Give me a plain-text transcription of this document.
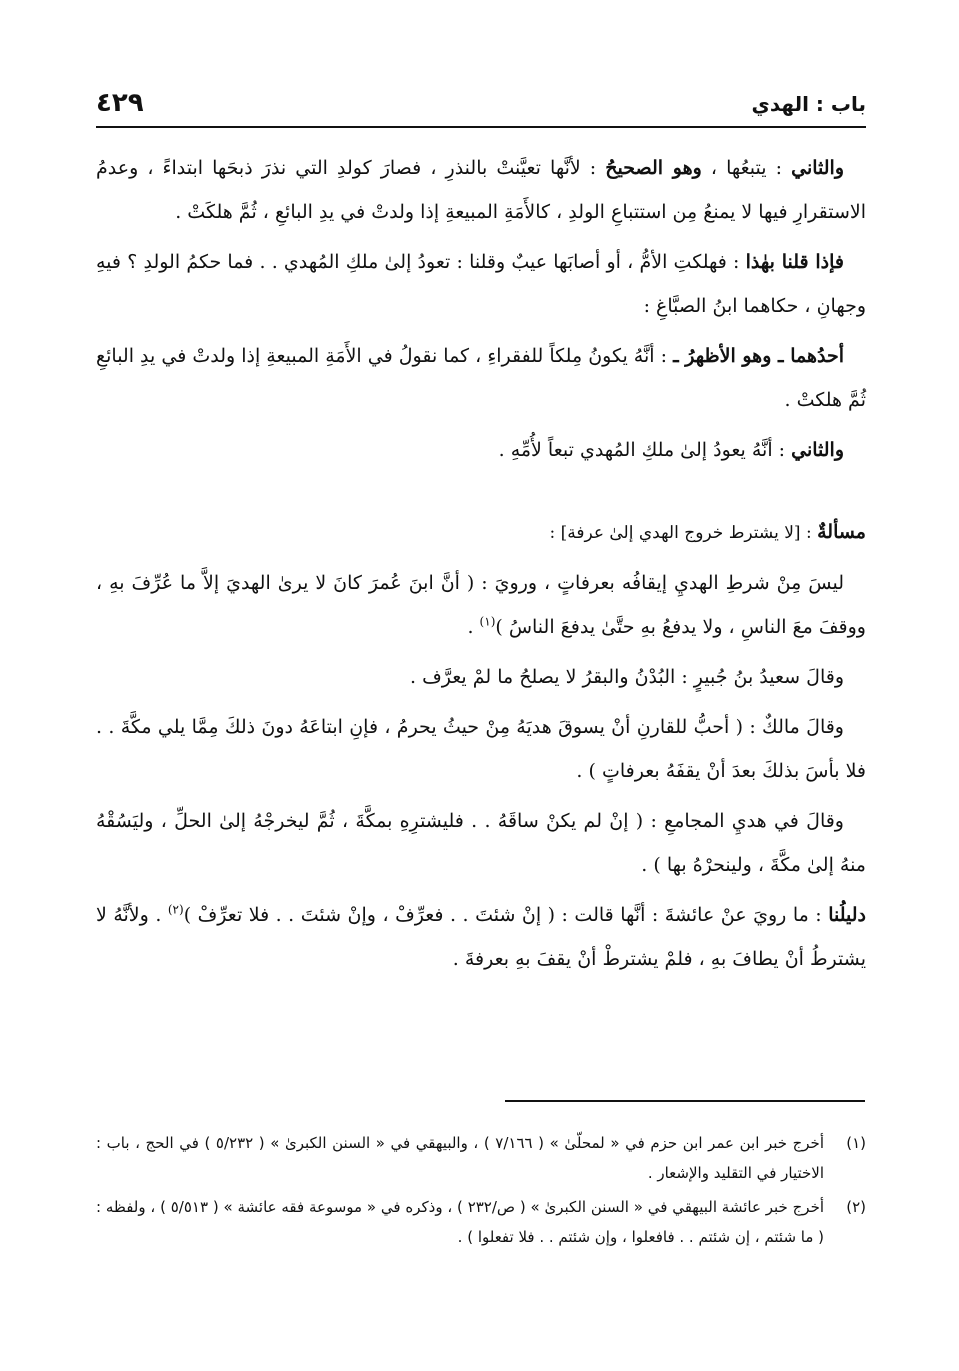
باب : الهدي
٤٢٩

والثاني : يتبعُها ، وهو الصحيحُ : لأنَّها تعيَّنتْ بالنذرِ ، فصارَ كولدِ التي نذرَ ذبحَها ابتداءً ، وعدمُ الاستقرارِ فيها لا يمنعُ مِن استتباعِ الولدِ ، كالأَمَةِ المبيعةِ إذا ولدتْ في يدِ البائعِ ، ثُمَّ هلكَتْ .

فإذا قلنا بهٰذا : فهلكتِ الأمُّ ، أو أصابَها عيبٌ وقلنا : تعودُ إلىٰ ملكِ المُهدي . . فما حكمُ الولدِ ؟ فيهِ وجهانِ ، حكاهما ابنُ الصبَّاغِ :

أحدُهما ـ وهو الأظهرُ ـ : أنَّهُ يكونُ مِلكاً للفقراءِ ، كما نقولُ في الأَمَةِ المبيعةِ إذا ولدتْ في يدِ البائعِ ثُمَّ هلكتْ .

والثاني : أنَّهُ يعودُ إلىٰ ملكِ المُهدي تبعاً لأُمِّهِ .

مسألةٌ : [لا يشترط خروج الهدي إلىٰ عرفة] :

ليسَ مِنْ شرطِ الهديِ إيقافُه بعرفاتٍ ، ورويَ : ( أنَّ ابنَ عُمرَ كانَ لا يرىٰ الهديَ إلاَّ ما عُرِّفَ بهِ ، ووقفَ معَ الناسِ ، ولا يدفعُ بهِ حتَّىٰ يدفعَ الناسُ )$^{(١)}$ .

وقالَ سعيدُ بنُ جُبيرٍ : البُدْنُ والبقرُ لا يصلحُ ما لمْ يعرَّف .

وقالَ مالكٌ : ( أحبُّ للقارنِ أنْ يسوقَ هديَهُ مِنْ حيثُ يحرمُ ، فإنِ ابتاعَهُ دونَ ذلكَ مِمَّا يلي مكَّةَ . . فلا بأسَ بذلكَ بعدَ أنْ يقفَهُ بعرفاتٍ ) .

وقالَ في هديِ المجامعِ : ( إنْ لم يكنْ ساقَهُ . . فليشترِهِ بمكَّةَ ، ثُمَّ ليخرجْهُ إلىٰ الحلِّ ، وليَسُقْهُ منهُ إلىٰ مكَّةَ ، ولينحرْهُ بها ) .

دليلُنا : ما رويَ عنْ عائشةَ : أنَّها قالت : ( إنْ شئتَ . . فعرِّفْ ، وإنْ شئتَ . . فلا تعرِّفْ )$^{(٢)}$ . ولأنَّهُ لا يشترطُ أنْ يطافَ بهِ ، فلمْ يشترطْ أنْ يقفَ بهِ بعرفةَ .

(١)
أخرج خبر ابن عمر ابن حزم في « لمحلّىٰ » ( ٧/١٦٦ ) ، والبيهقي في « السنن الكبرىٰ » ( ٥/٢٣٢ ) في الحج ، باب : الاختيار في التقليد والإشعار .

(٢)
أخرج خبر عائشة البيهقي في « السنن الكبرىٰ » ( ص/٢٣٢ ) ، وذكره في « موسوعة فقه عائشة » ( ٥/٥١٣ ) ، ولفظه : ( ما شئتم ، إن شئتم . . فافعلوا ، وإن شئتم . . فلا تفعلوا ) .
